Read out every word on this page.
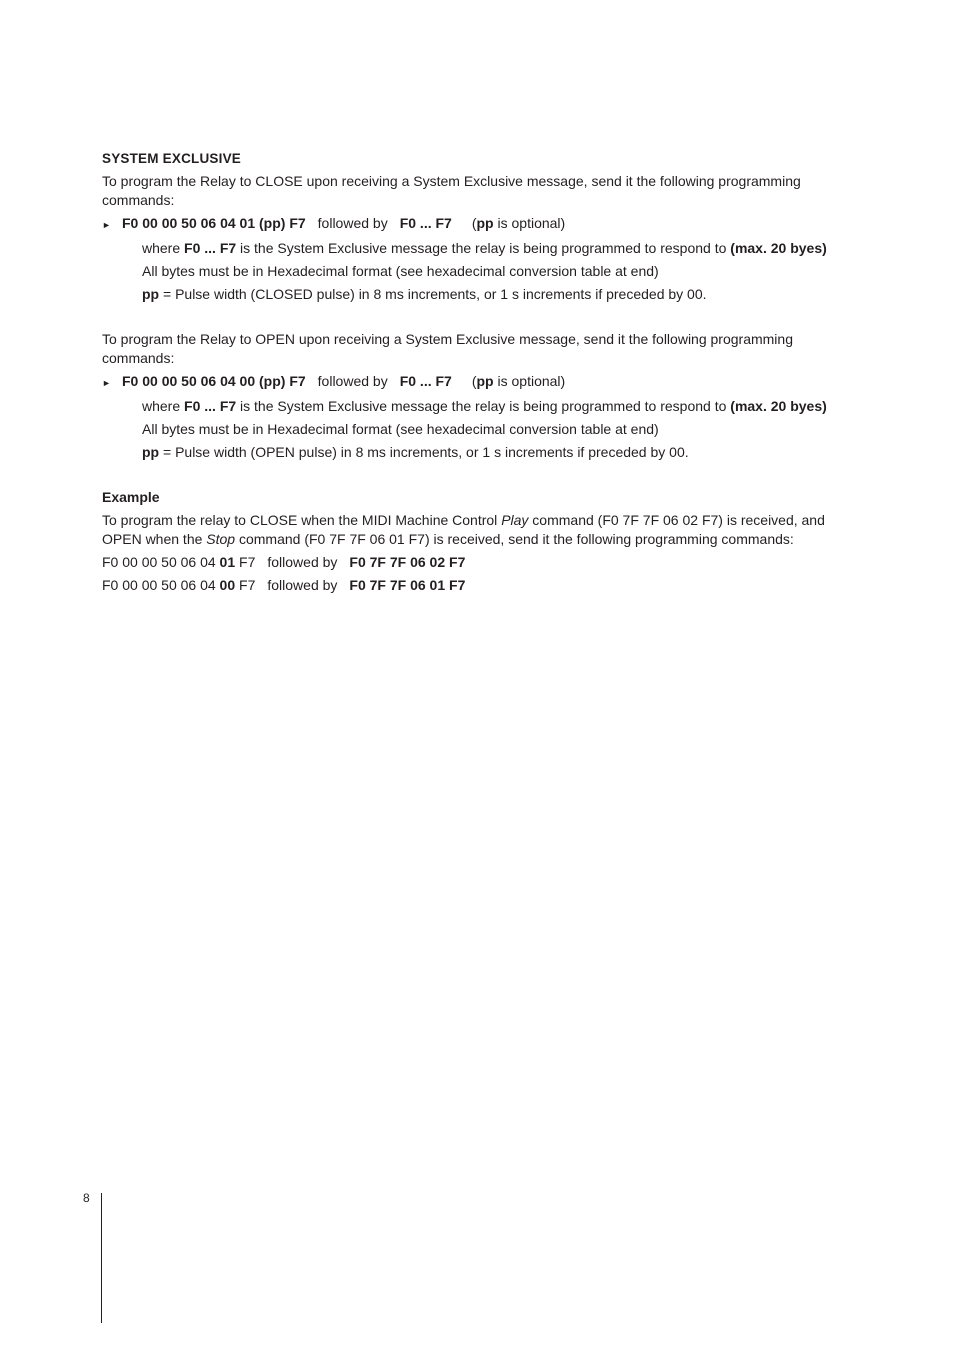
SYSTEM EXCLUSIVE

To program the Relay to CLOSE upon receiving a System Exclusive message, send it the following programming commands:

► F0 00 00 50 06 04 01 (pp) F7 followed by F0 ... F7 (pp is optional)
where F0 ... F7 is the System Exclusive message the relay is being programmed to respond to (max. 20 byes)
All bytes must be in Hexadecimal format (see hexadecimal conversion table at end)
pp = Pulse width (CLOSED pulse) in 8 ms increments, or 1 s increments if preceded by 00.

To program the Relay to OPEN upon receiving a System Exclusive message, send it the following programming commands:

► F0 00 00 50 06 04 00 (pp) F7 followed by F0 ... F7 (pp is optional)
where F0 ... F7 is the System Exclusive message the relay is being programmed to respond to (max. 20 byes)
All bytes must be in Hexadecimal format (see hexadecimal conversion table at end)
pp = Pulse width (OPEN pulse) in 8 ms increments, or 1 s increments if preceded by 00.
Example

To program the relay to CLOSE when the MIDI Machine Control Play command (F0 7F 7F 06 02 F7) is received, and OPEN when the Stop command (F0 7F 7F 06 01 F7) is received, send it the following programming commands:

F0 00 00 50 06 04 01 F7 followed by F0 7F 7F 06 02 F7
F0 00 00 50 06 04 00 F7 followed by F0 7F 7F 06 01 F7
8
